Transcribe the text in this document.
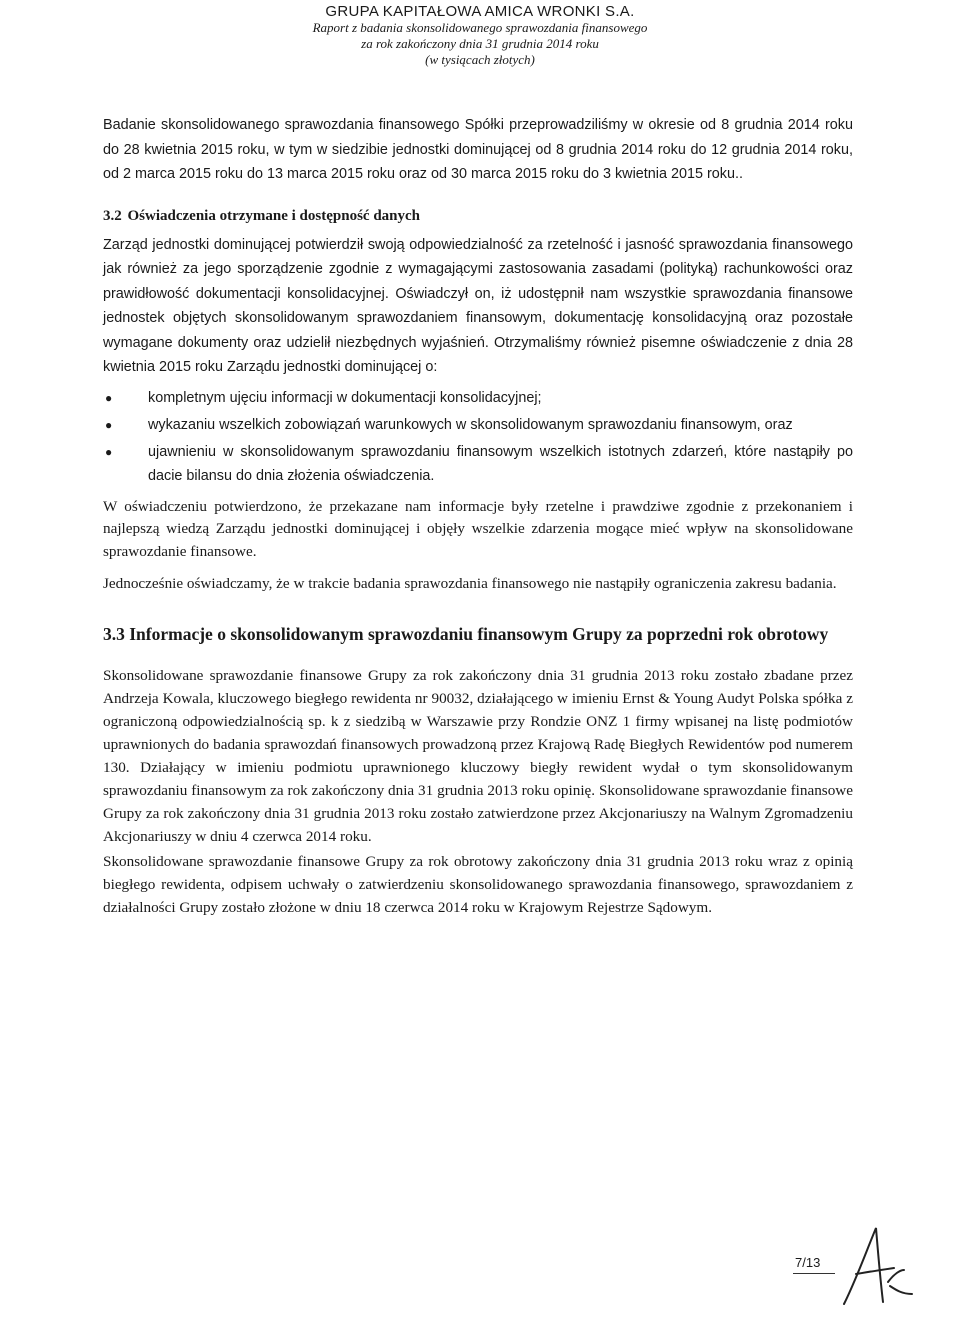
GRUPA KAPITAŁOWA AMICA WRONKI S.A.
Raport z badania skonsolidowanego sprawozdania finansowego
za rok zakończony dnia 31 grudnia 2014 roku
(w tysiącach złotych)

Badanie skonsolidowanego sprawozdania finansowego Spółki przeprowadziliśmy w okresie od 8 grudnia 2014 roku do 28 kwietnia 2015 roku, w tym w siedzibie jednostki dominującej od 8 grudnia 2014 roku do 12 grudnia 2014 roku, od 2 marca 2015 roku do 13 marca 2015 roku oraz od 30 marca 2015 roku do 3 kwietnia 2015 roku..

3.2 Oświadczenia otrzymane i dostępność danych

Zarząd jednostki dominującej potwierdził swoją odpowiedzialność za rzetelność i jasność sprawozdania finansowego jak również za jego sporządzenie zgodnie z wymagającymi zastosowania zasadami (polityką) rachunkowości oraz prawidłowość dokumentacji konsolidacyjnej. Oświadczył on, iż udostępnił nam wszystkie sprawozdania finansowe jednostek objętych skonsolidowanym sprawozdaniem finansowym, dokumentację konsolidacyjną oraz pozostałe wymagane dokumenty oraz udzielił niezbędnych wyjaśnień. Otrzymaliśmy również pisemne oświadczenie z dnia 28 kwietnia 2015 roku Zarządu jednostki dominującej o:

● kompletnym ujęciu informacji w dokumentacji konsolidacyjnej;
● wykazaniu wszelkich zobowiązań warunkowych w skonsolidowanym sprawozdaniu finansowym, oraz
● ujawnieniu w skonsolidowanym sprawozdaniu finansowym wszelkich istotnych zdarzeń, które nastąpiły po dacie bilansu do dnia złożenia oświadczenia.

W oświadczeniu potwierdzono, że przekazane nam informacje były rzetelne i prawdziwe zgodnie z przekonaniem i najlepszą wiedzą Zarządu jednostki dominującej i objęły wszelkie zdarzenia mogące mieć wpływ na skonsolidowane sprawozdanie finansowe.

Jednocześnie oświadczamy, że w trakcie badania sprawozdania finansowego nie nastąpiły ograniczenia zakresu badania.

3.3 Informacje o skonsolidowanym sprawozdaniu finansowym Grupy za poprzedni rok obrotowy

Skonsolidowane sprawozdanie finansowe Grupy za rok zakończony dnia 31 grudnia 2013 roku zostało zbadane przez Andrzeja Kowala, kluczowego biegłego rewidenta nr 90032, działającego w imieniu Ernst & Young Audyt Polska spółka z ograniczoną odpowiedzialnością sp. k z siedzibą w Warszawie przy Rondzie ONZ 1 firmy wpisanej na listę podmiotów uprawnionych do badania sprawozdań finansowych prowadzoną przez Krajową Radę Biegłych Rewidentów pod numerem 130. Działający w imieniu podmiotu uprawnionego kluczowy biegły rewident wydał o tym skonsolidowanym sprawozdaniu finansowym za rok zakończony dnia 31 grudnia 2013 roku opinię. Skonsolidowane sprawozdanie finansowe Grupy za rok zakończony dnia 31 grudnia 2013 roku zostało zatwierdzone przez Akcjonariuszy na Walnym Zgromadzeniu Akcjonariuszy w dniu 4 czerwca 2014 roku.

Skonsolidowane sprawozdanie finansowe Grupy za rok obrotowy zakończony dnia 31 grudnia 2013 roku wraz z opinią biegłego rewidenta, odpisem uchwały o zatwierdzeniu skonsolidowanego sprawozdania finansowego, sprawozdaniem z działalności Grupy zostało złożone w dniu 18 czerwca 2014 roku w Krajowym Rejestrze Sądowym.

7/13
